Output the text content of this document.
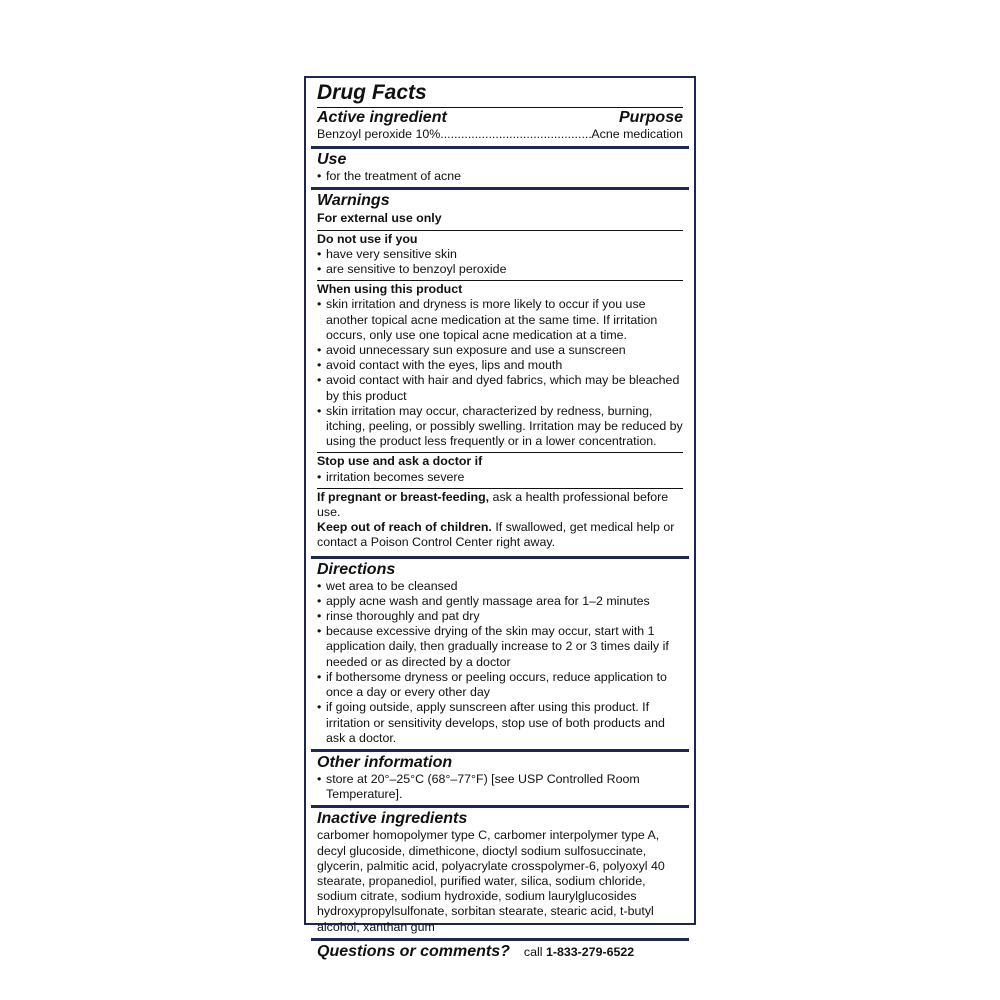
Drug Facts
Active ingredient	Purpose
Benzoyl peroxide 10%
.....	Acne medication
Use
• for the treatment of acne
Warnings
For external use only
Do not use if you
• have very sensitive skin
• are sensitive to benzoyl peroxide
When using this product
• skin irritation and dryness is more likely to occur if you use another topical acne medication at the same time. If irritation occurs, only use one topical acne medication at a time.
• avoid unnecessary sun exposure and use a sunscreen
• avoid contact with the eyes, lips and mouth
• avoid contact with hair and dyed fabrics, which may be bleached by this product
• skin irritation may occur, characterized by redness, burning, itching, peeling, or possibly swelling. Irritation may be reduced by using the product less frequently or in a lower concentration.
Stop use and ask a doctor if
• irritation becomes severe
If pregnant or breast-feeding, ask a health professional before use.
Keep out of reach of children. If swallowed, get medical help or contact a Poison Control Center right away.
Directions
• wet area to be cleansed
• apply acne wash and gently massage area for 1–2 minutes
• rinse thoroughly and pat dry
• because excessive drying of the skin may occur, start with 1 application daily, then gradually increase to 2 or 3 times daily if needed or as directed by a doctor
• if bothersome dryness or peeling occurs, reduce application to once a day or every other day
• if going outside, apply sunscreen after using this product. If irritation or sensitivity develops, stop use of both products and ask a doctor.
Other information
• store at 20°–25°C (68°–77°F) [see USP Controlled Room Temperature].
Inactive ingredients
carbomer homopolymer type C, carbomer interpolymer type A, decyl glucoside, dimethicone, dioctyl sodium sulfosuccinate, glycerin, palmitic acid, polyacrylate crosspolymer-6, polyoxyl 40 stearate, propanediol, purified water, silica, sodium chloride, sodium citrate, sodium hydroxide, sodium laurylglucosides hydroxypropylsulfonate, sorbitan stearate, stearic acid, t-butyl alcohol, xanthan gum
Questions or comments? call 1-833-279-6522
